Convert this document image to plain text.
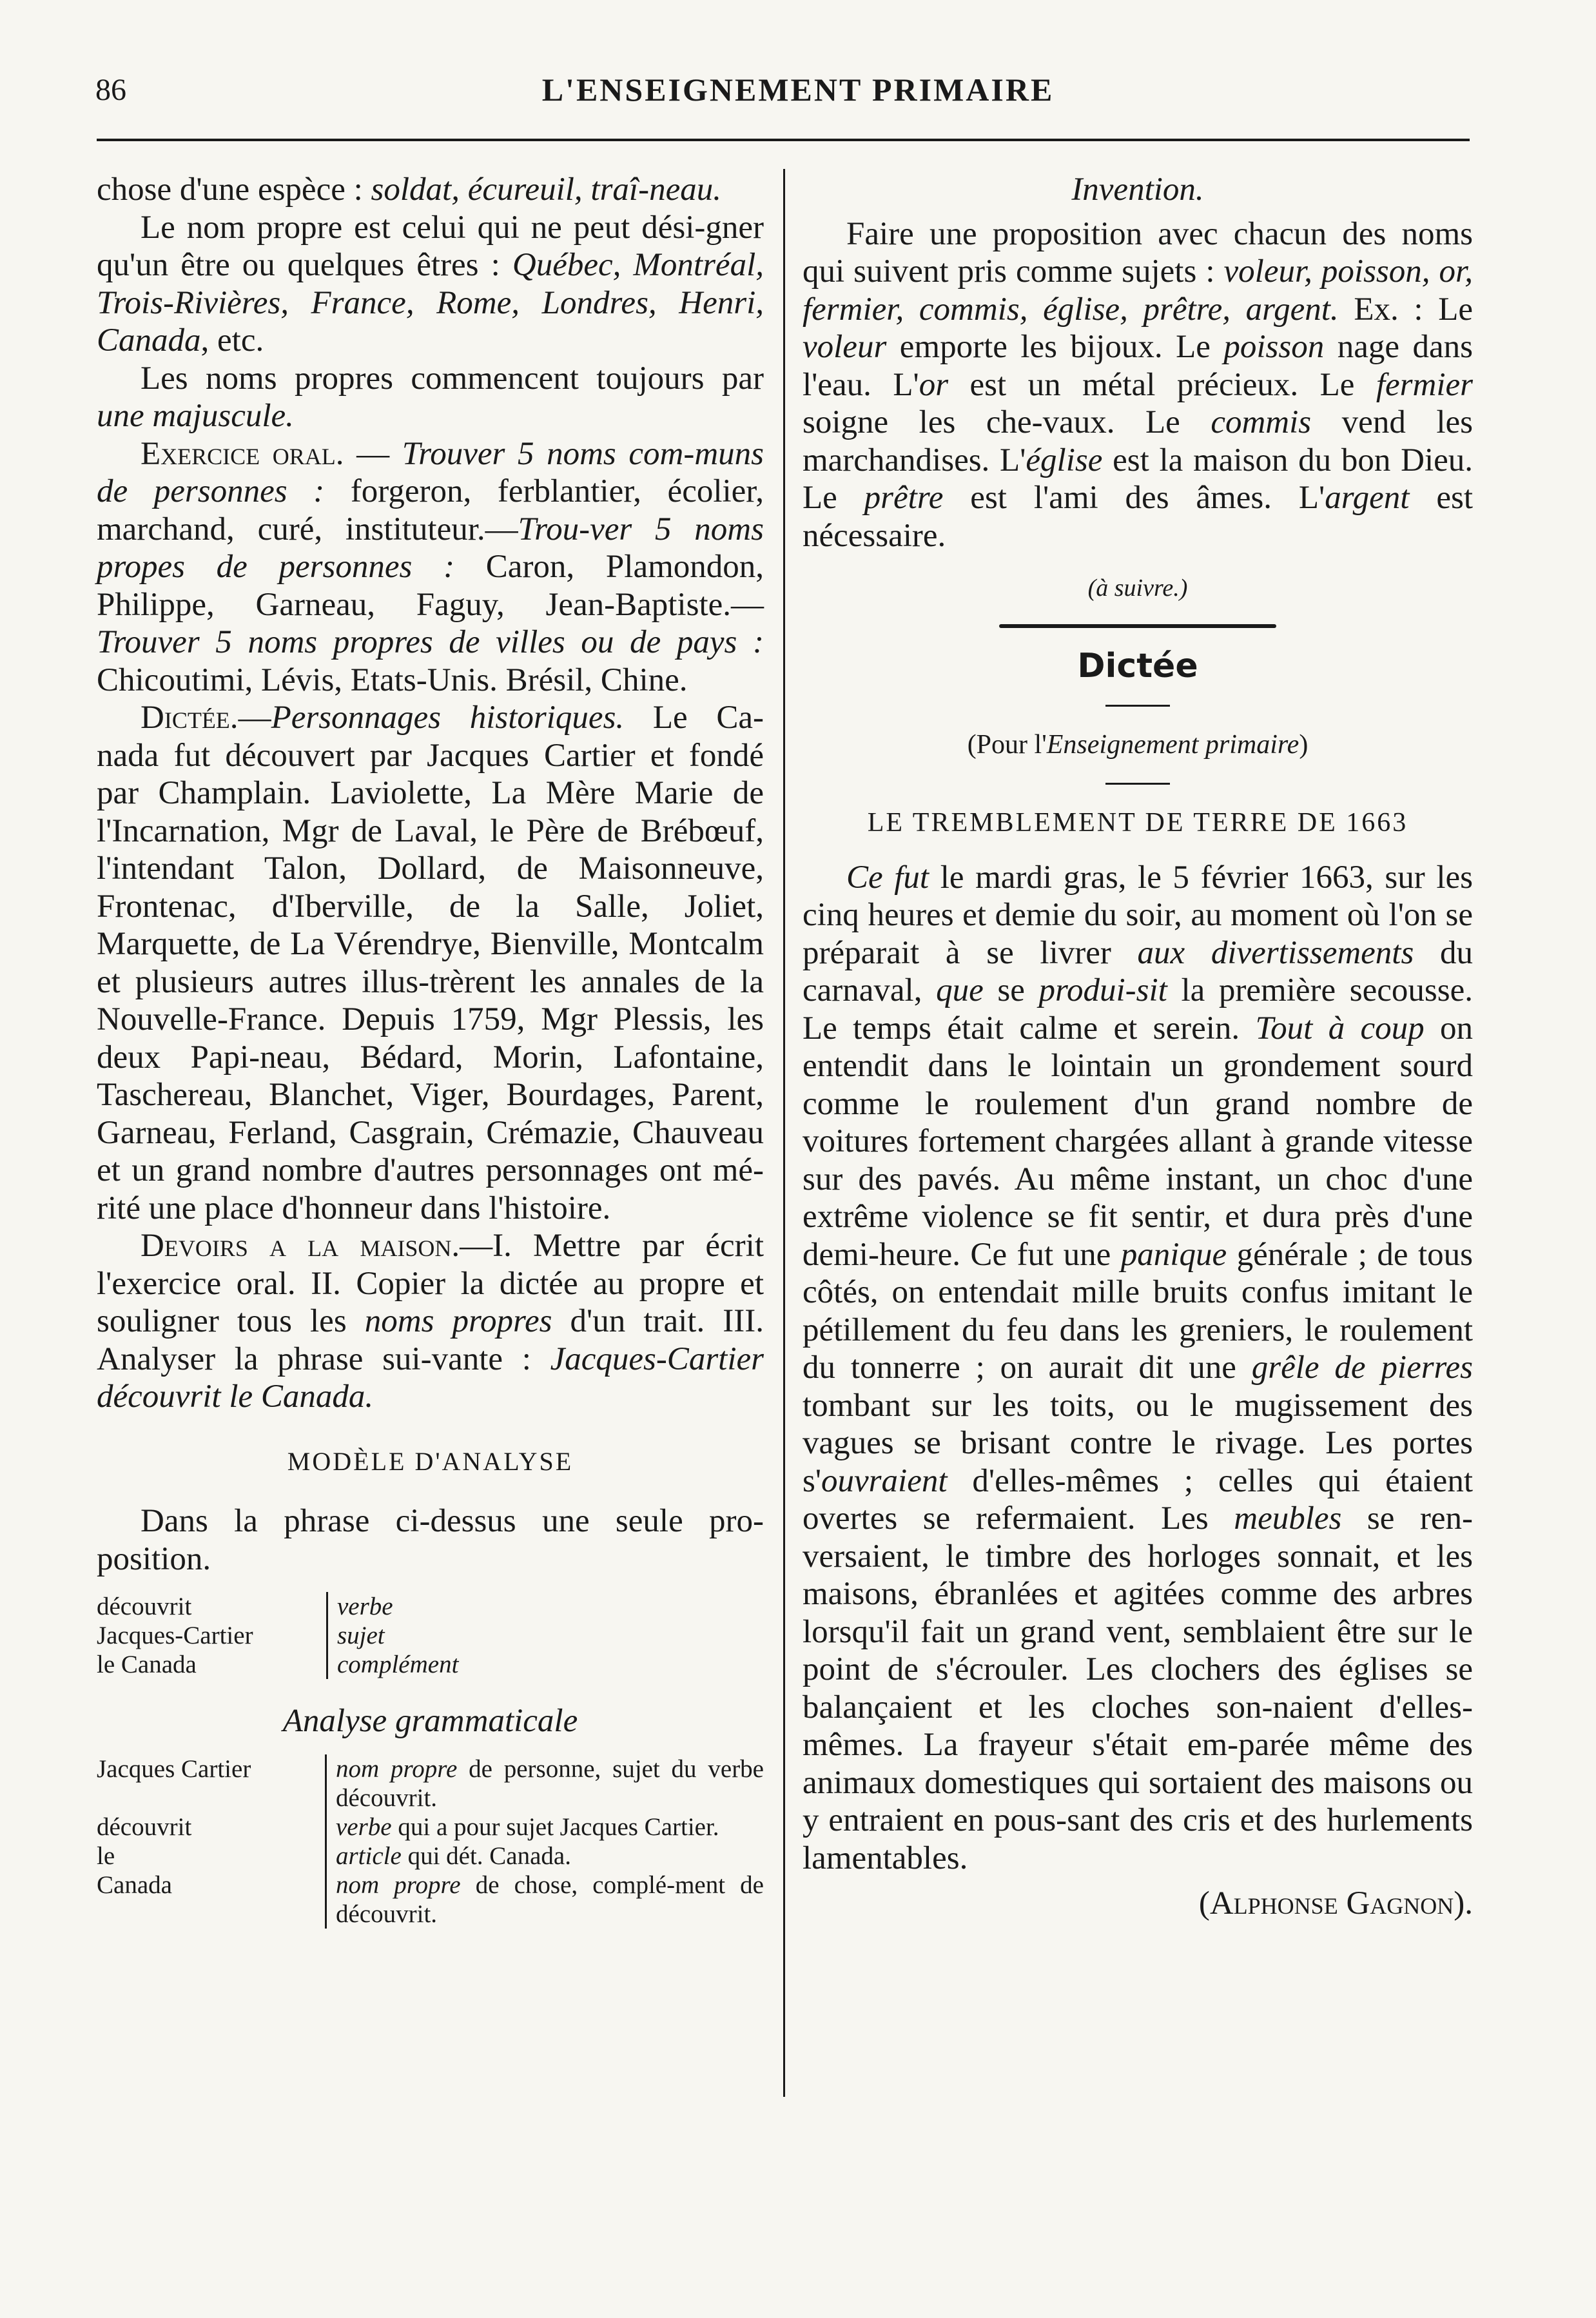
86	L'ENSEIGNEMENT PRIMAIRE

chose d'une espèce : soldat, écureuil, traî-neau.

Le nom propre est celui qui ne peut dési-gner qu'un être ou quelques êtres : Québec, Montréal, Trois-Rivières, France, Rome, Londres, Henri, Canada, etc.

Les noms propres commencent toujours par une majuscule.

Exercice oral. — Trouver 5 noms com-muns de personnes : forgeron, ferblantier, écolier, marchand, curé, instituteur.—Trou-ver 5 noms propes de personnes : Caron, Plamondon, Philippe, Garneau, Faguy, Jean-Baptiste.—Trouver 5 noms propres de villes ou de pays : Chicoutimi, Lévis, Etats-Unis. Brésil, Chine.

Dictée.—Personnages historiques. Le Ca-nada fut découvert par Jacques Cartier et fondé par Champlain. Laviolette, La Mère Marie de l'Incarnation, Mgr de Laval, le Père de Brébœuf, l'intendant Talon, Dollard, de Maisonneuve, Frontenac, d'Iberville, de la Salle, Joliet, Marquette, de La Vérendrye, Bienville, Montcalm et plusieurs autres illus-trèrent les annales de la Nouvelle-France. Depuis 1759, Mgr Plessis, les deux Papi-neau, Bédard, Morin, Lafontaine, Taschereau, Blanchet, Viger, Bourdages, Parent, Garneau, Ferland, Casgrain, Crémazie, Chauveau et un grand nombre d'autres personnages ont mé-rité une place d'honneur dans l'histoire.

Devoirs a la maison.—I. Mettre par écrit l'exercice oral. II. Copier la dictée au propre et souligner tous les noms propres d'un trait. III. Analyser la phrase sui-vante : Jacques-Cartier découvrit le Canada.

MODÈLE D'ANALYSE

Dans la phrase ci-dessus une seule pro-position.

découvrit	verbe
Jacques-Cartier	sujet
le Canada	complément

Analyse grammaticale

Jacques Cartier	nom propre de personne, sujet du verbe découvrit.
découvrit	verbe qui a pour sujet Jacques Cartier.
le	article qui dét. Canada.
Canada	nom propre de chose, complé-ment de découvrit.

Invention.

Faire une proposition avec chacun des noms qui suivent pris comme sujets : voleur, poisson, or, fermier, commis, église, prêtre, argent. Ex. : Le voleur emporte les bijoux. Le poisson nage dans l'eau. L'or est un métal précieux. Le fermier soigne les che-vaux. Le commis vend les marchandises. L'église est la maison du bon Dieu. Le prêtre est l'ami des âmes. L'argent est nécessaire.

(à suivre.)

Dictée

(Pour l'Enseignement primaire)

LE TREMBLEMENT DE TERRE DE 1663

Ce fut le mardi gras, le 5 février 1663, sur les cinq heures et demie du soir, au moment où l'on se préparait à se livrer aux divertissements du carnaval, que se produi-sit la première secousse. Le temps était calme et serein. Tout à coup on entendit dans le lointain un grondement sourd comme le roulement d'un grand nombre de voitures fortement chargées allant à grande vitesse sur des pavés. Au même instant, un choc d'une extrême violence se fit sentir, et dura près d'une demi-heure. Ce fut une panique générale ; de tous côtés, on entendait mille bruits confus imitant le pétillement du feu dans les greniers, le roulement du tonnerre ; on aurait dit une grêle de pierres tombant sur les toits, ou le mugissement des vagues se brisant contre le rivage. Les portes s'ouvraient d'elles-mêmes ; celles qui étaient overtes se refermaient. Les meubles se ren-versaient, le timbre des horloges sonnait, et les maisons, ébranlées et agitées comme des arbres lorsqu'il fait un grand vent, semblaient être sur le point de s'écrouler. Les clochers des églises se balançaient et les cloches son-naient d'elles-mêmes. La frayeur s'était em-parée même des animaux domestiques qui sortaient des maisons ou y entraient en pous-sant des cris et des hurlements lamentables.

(Alphonse Gagnon).
